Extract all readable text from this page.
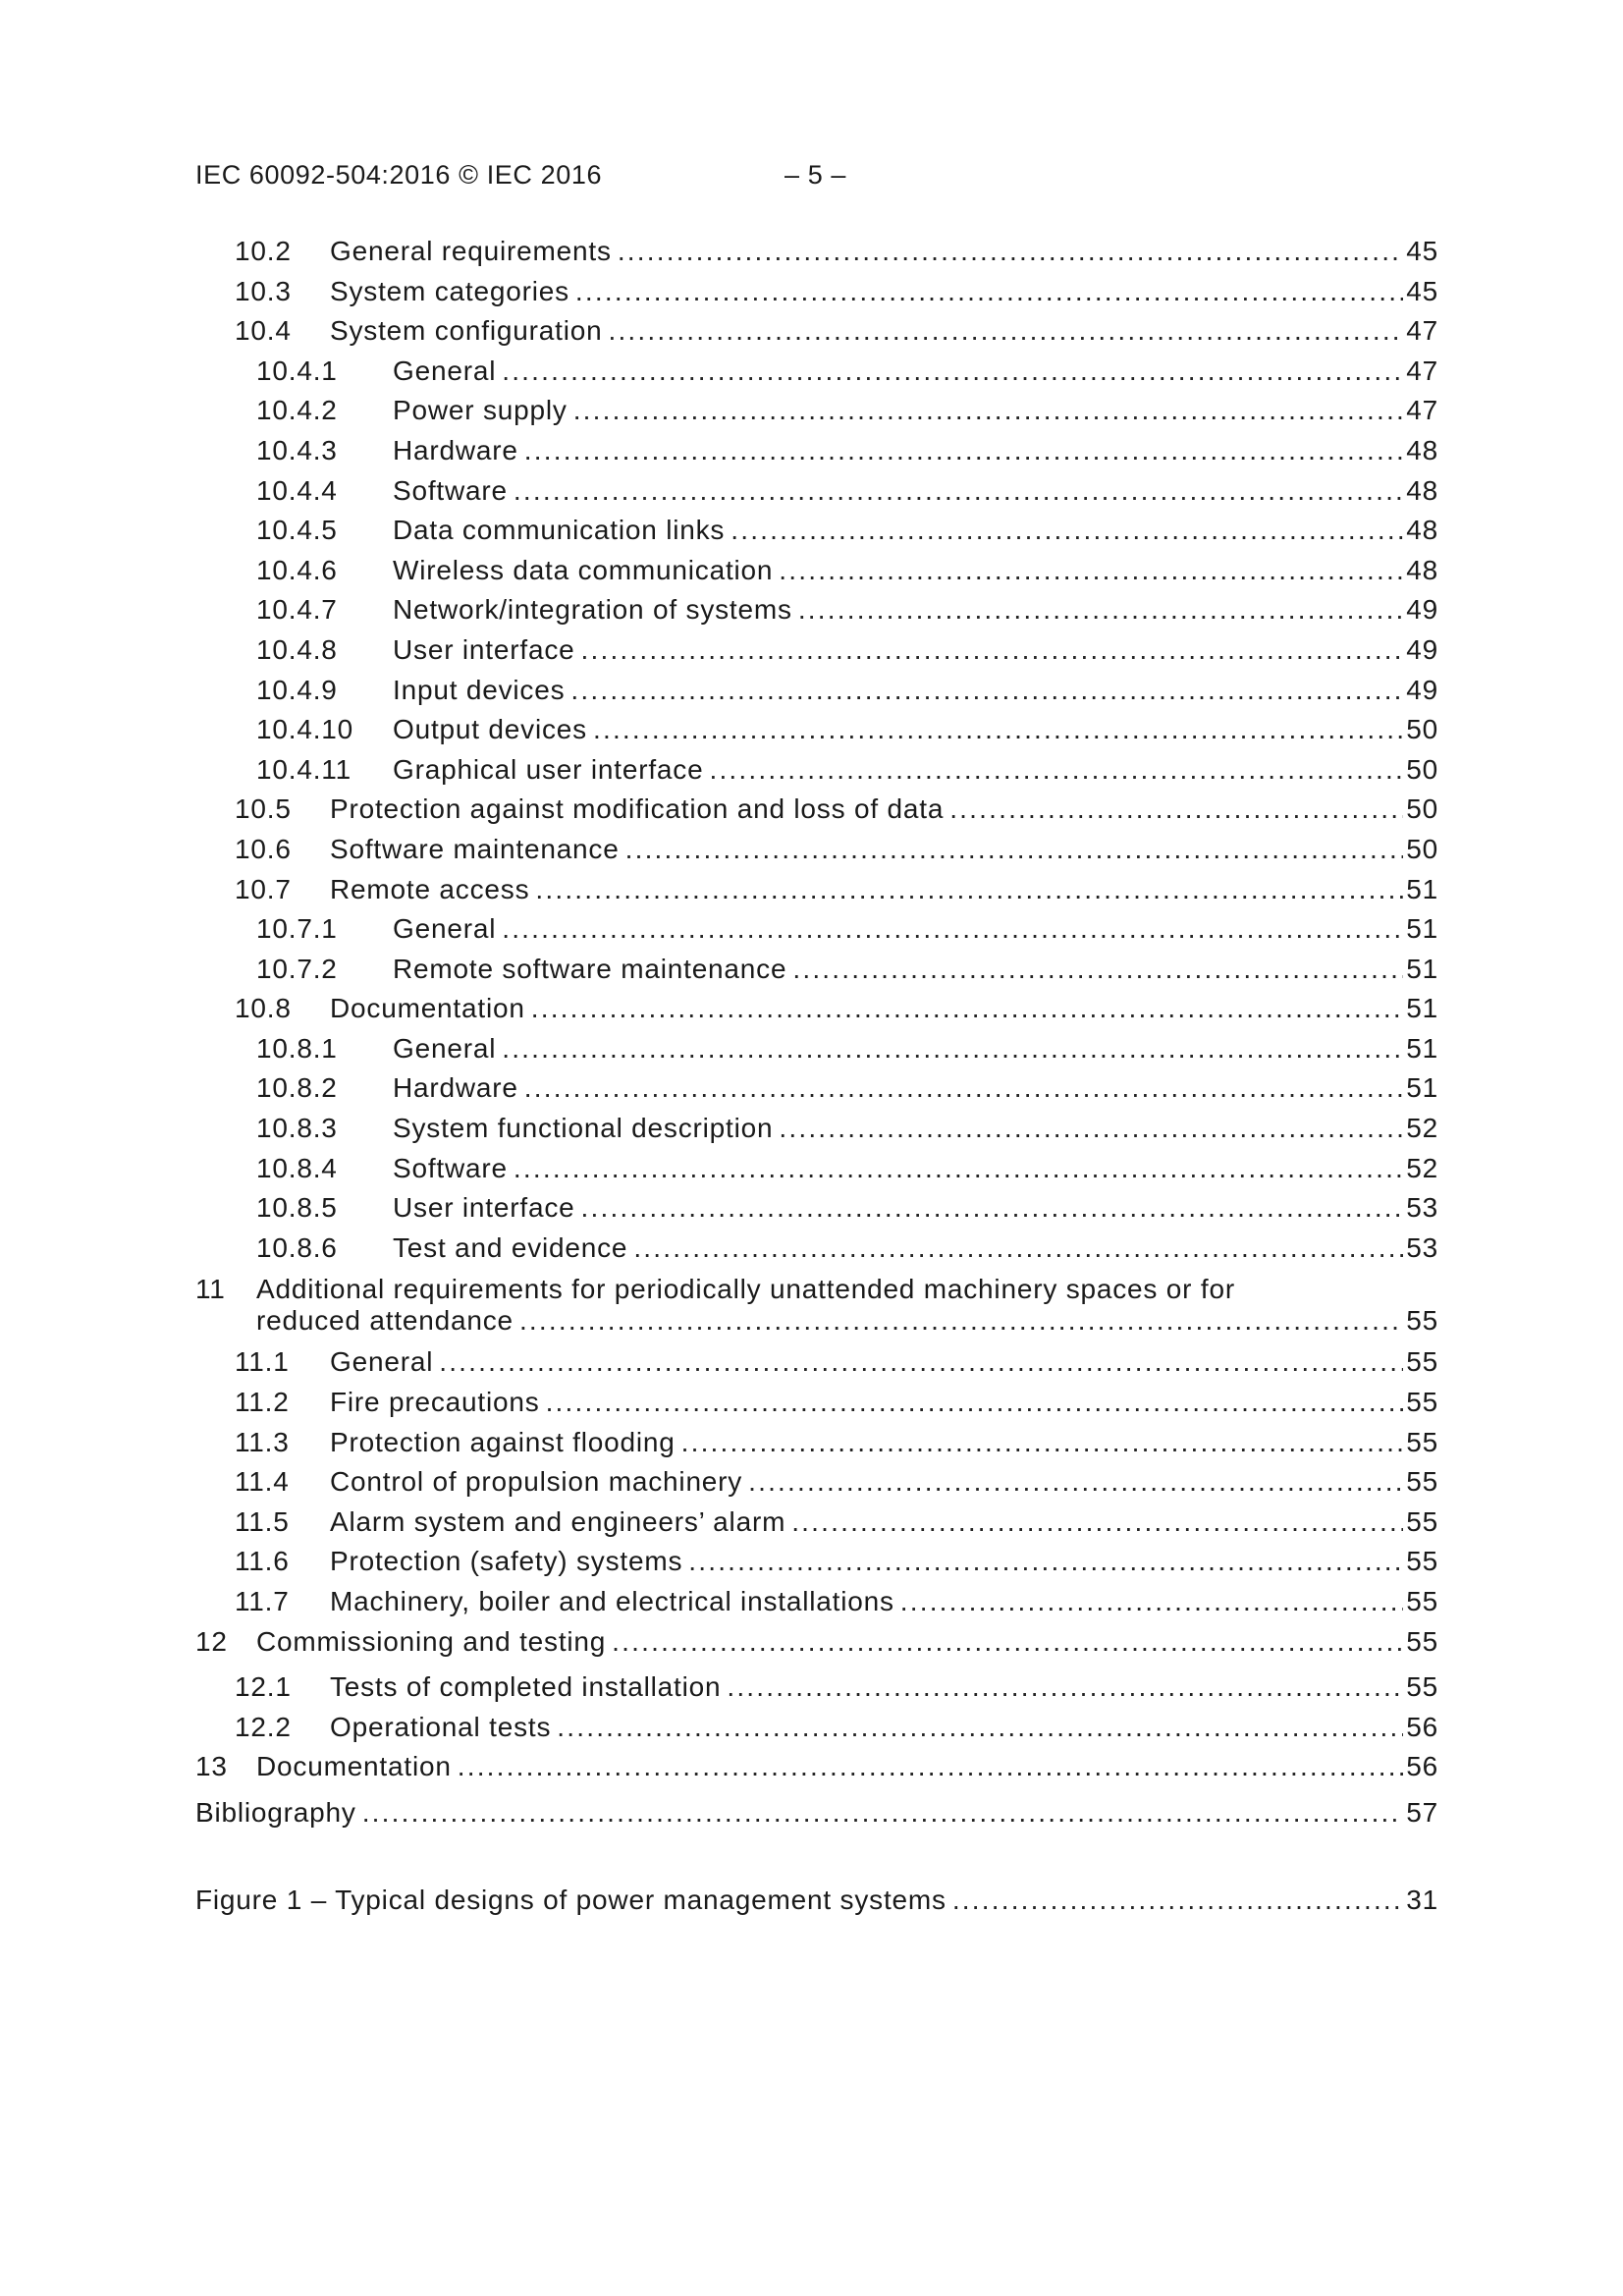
IEC 60092-504:2016 © IEC 2016	– 5 –
10.2	General requirements .....	45
10.3	System categories .....	45
10.4	System configuration .....	47
10.4.1	General .....	47
10.4.2	Power supply .....	47
10.4.3	Hardware .....	48
10.4.4	Software .....	48
10.4.5	Data communication links .....	48
10.4.6	Wireless data communication .....	48
10.4.7	Network/integration of systems .....	49
10.4.8	User interface .....	49
10.4.9	Input devices .....	49
10.4.10	Output devices .....	50
10.4.11	Graphical user interface .....	50
10.5	Protection against modification and loss of data .....	50
10.6	Software maintenance .....	50
10.7	Remote access .....	51
10.7.1	General .....	51
10.7.2	Remote software maintenance .....	51
10.8	Documentation .....	51
10.8.1	General .....	51
10.8.2	Hardware .....	51
10.8.3	System functional description .....	52
10.8.4	Software .....	52
10.8.5	User interface .....	53
10.8.6	Test and evidence .....	53
11	Additional requirements for periodically unattended machinery spaces or for
reduced attendance .....	55
11.1	General .....	55
11.2	Fire precautions .....	55
11.3	Protection against flooding .....	55
11.4	Control of propulsion machinery .....	55
11.5	Alarm system and engineers’ alarm .....	55
11.6	Protection (safety) systems .....	55
11.7	Machinery, boiler and electrical installations .....	55
12	Commissioning and testing .....	55
12.1	Tests of completed installation .....	55
12.2	Operational tests .....	56
13	Documentation .....	56
Bibliography .....	57
Figure 1 – Typical designs of power management systems .....	31
